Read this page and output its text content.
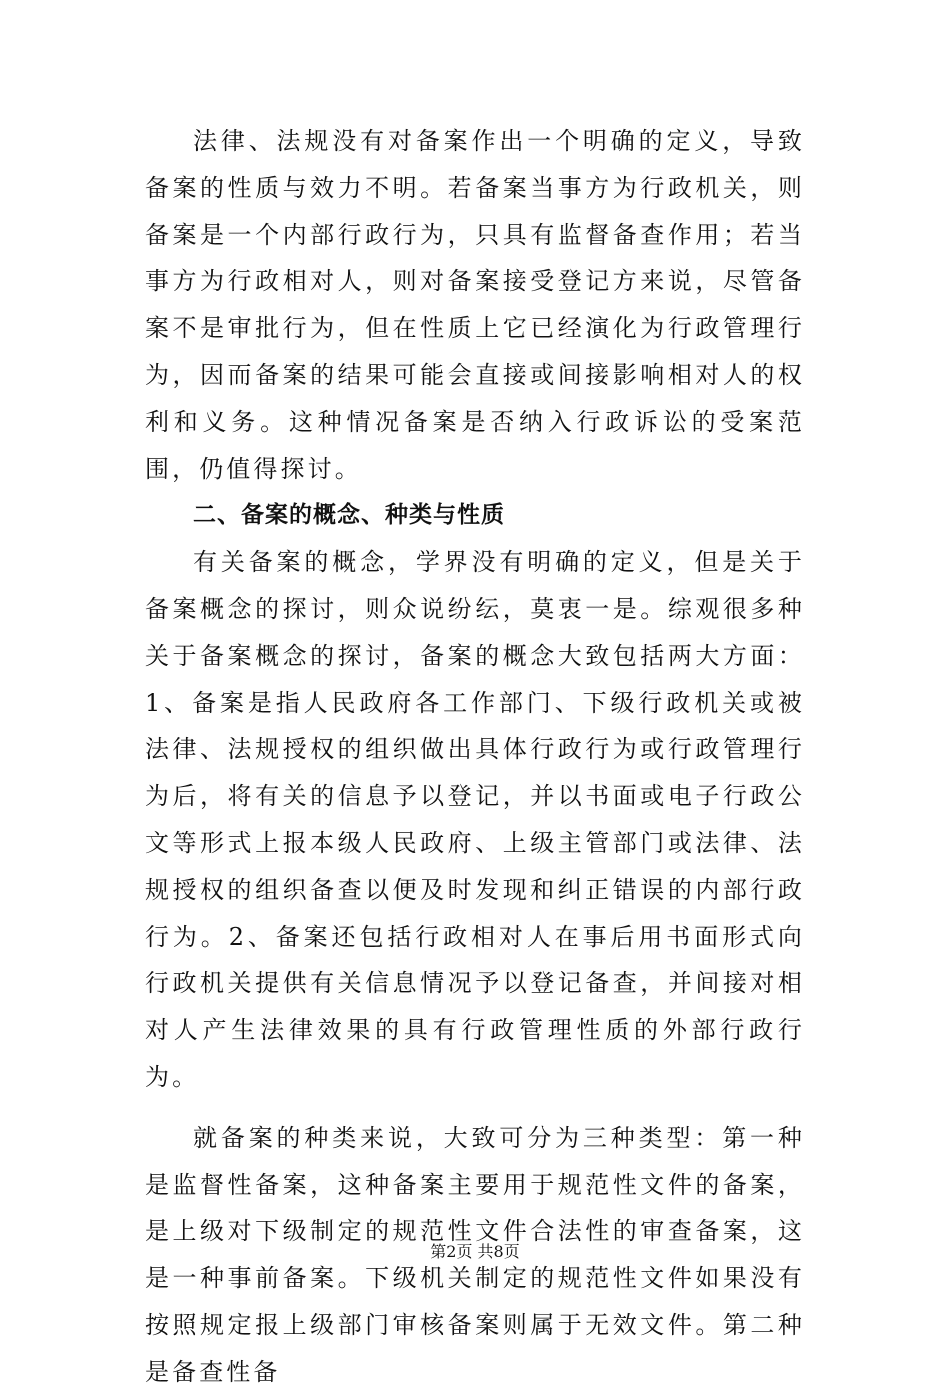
法律、法规没有对备案作出一个明确的定义，导致备案的性质与效力不明。若备案当事方为行政机关，则备案是一个内部行政行为，只具有监督备查作用；若当事方为行政相对人，则对备案接受登记方来说，尽管备案不是审批行为，但在性质上它已经演化为行政管理行为，因而备案的结果可能会直接或间接影响相对人的权利和义务。这种情况备案是否纳入行政诉讼的受案范围，仍值得探讨。

二、备案的概念、种类与性质

有关备案的概念，学界没有明确的定义，但是关于备案概念的探讨，则众说纷纭，莫衷一是。综观很多种关于备案概念的探讨，备案的概念大致包括两大方面：1、备案是指人民政府各工作部门、下级行政机关或被法律、法规授权的组织做出具体行政行为或行政管理行为后，将有关的信息予以登记，并以书面或电子行政公文等形式上报本级人民政府、上级主管部门或法律、法规授权的组织备查以便及时发现和纠正错误的内部行政行为。2、备案还包括行政相对人在事后用书面形式向行政机关提供有关信息情况予以登记备查，并间接对相对人产生法律效果的具有行政管理性质的外部行政行为。

就备案的种类来说，大致可分为三种类型：第一种是监督性备案，这种备案主要用于规范性文件的备案，是上级对下级制定的规范性文件合法性的审查备案，这是一种事前备案。下级机关制定的规范性文件如果没有按照规定报上级部门审核备案则属于无效文件。第二种是备查性备

第2页 共8页
